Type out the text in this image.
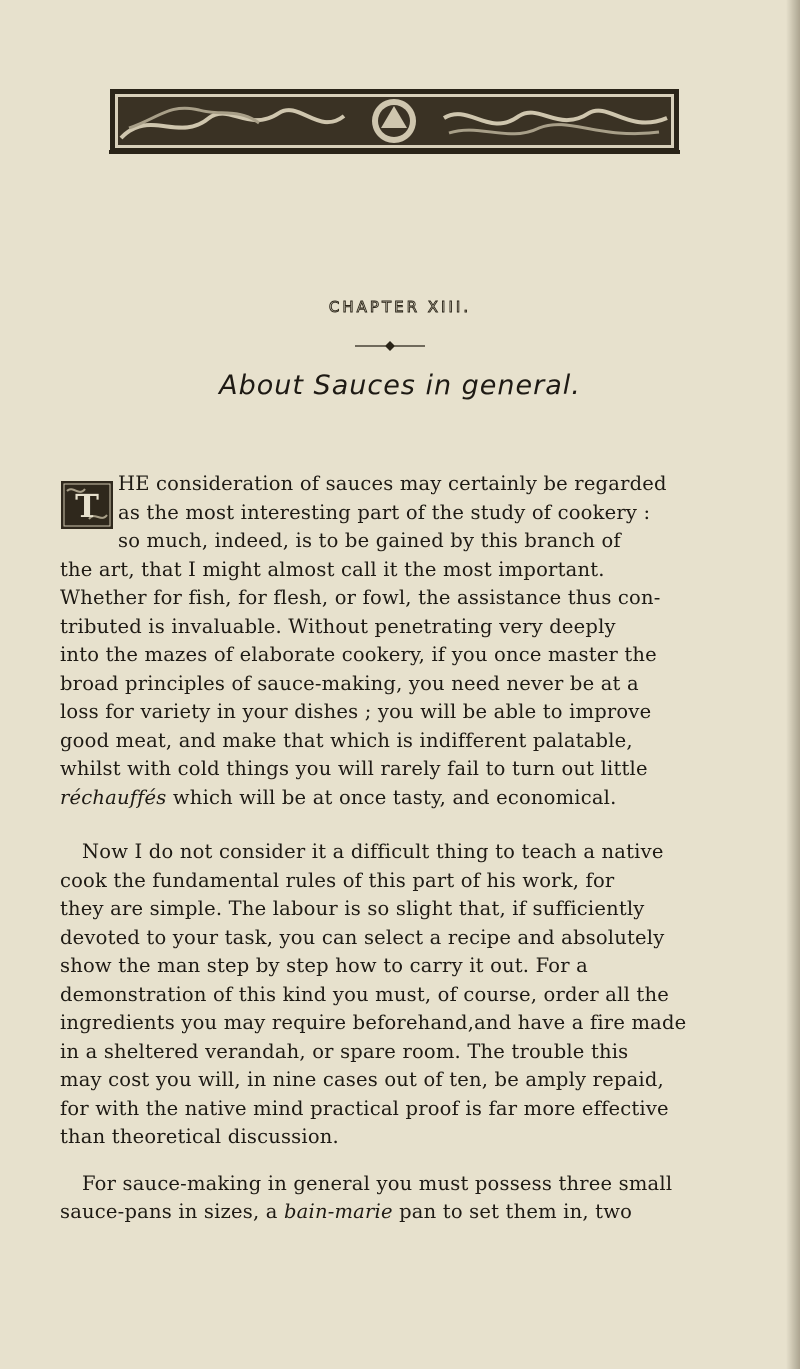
CHAPTER XIII.
About Sauces in general.
T

HE consideration of sauces may certainly be regarded
as the most interesting part of the study of cookery :
so much, indeed, is to be gained by this branch of
the art, that I might almost call it the most important.
Whether for fish, for flesh, or fowl, the assistance thus con-
tributed is invaluable. Without penetrating very deeply
into the mazes of elaborate cookery, if you once master the
broad principles of sauce-making, you need never be at a
loss for variety in your dishes ; you will be able to improve
good meat, and make that which is indifferent palatable,
whilst with cold things you will rarely fail to turn out little
réchauffés which will be at once tasty, and economical.

Now I do not consider it a difficult thing to teach a native
cook the fundamental rules of this part of his work, for
they are simple. The labour is so slight that, if sufficiently
devoted to your task, you can select a recipe and absolutely
show the man step by step how to carry it out. For a
demonstration of this kind you must, of course, order all the
ingredients you may require beforehand,and have a fire made
in a sheltered verandah, or spare room. The trouble this
may cost you will, in nine cases out of ten, be amply repaid,
for with the native mind practical proof is far more effective
than theoretical discussion.

For sauce-making in general you must possess three small
sauce-pans in sizes, a bain-marie pan to set them in, two
